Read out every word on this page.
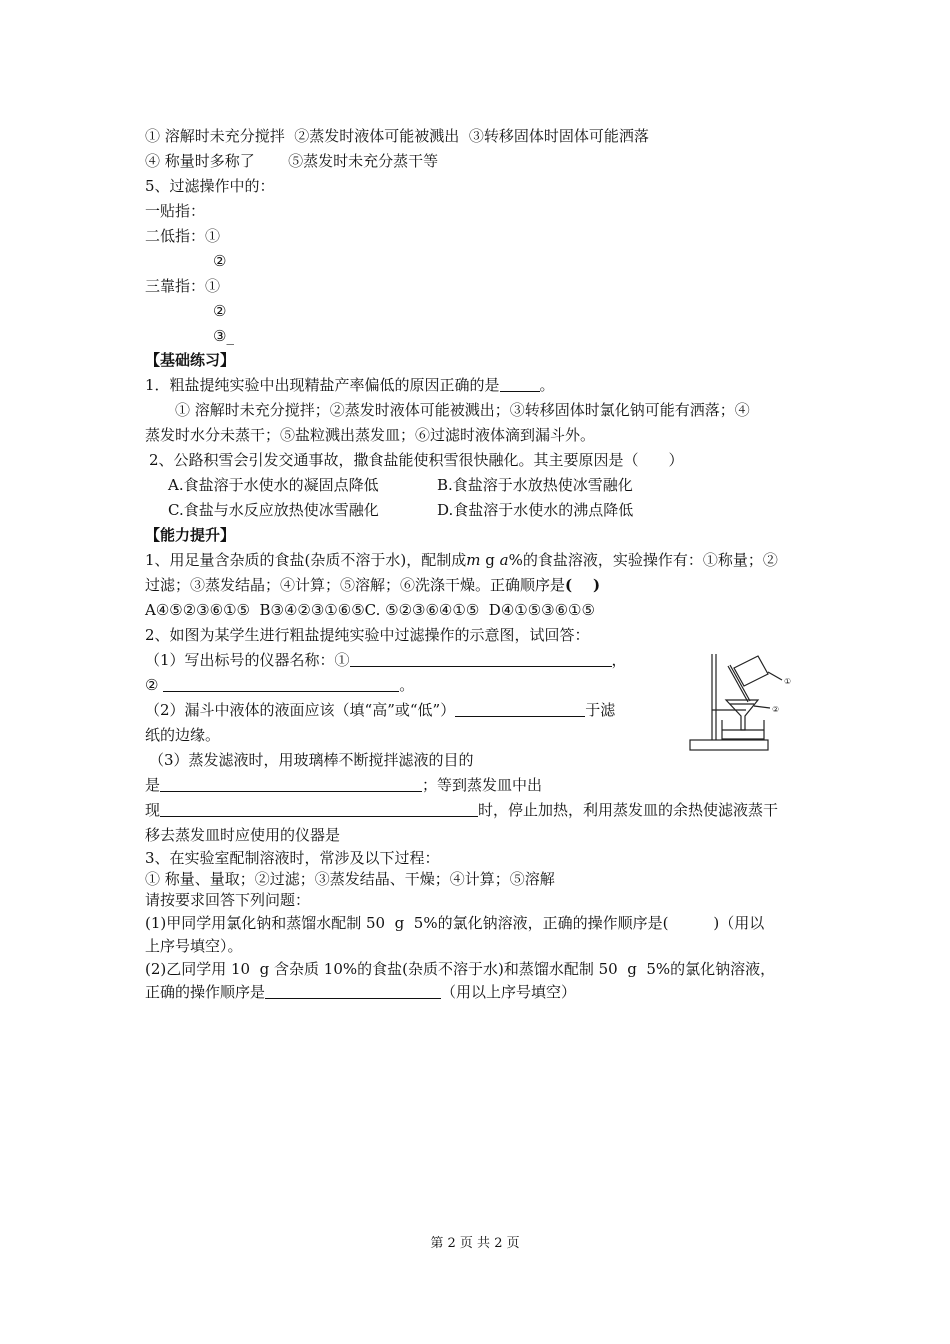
① 溶解时未充分搅拌  ②蒸发时液体可能被溅出  ③转移固体时固体可能洒落
④ 称量时多称了       ⑤蒸发时未充分蒸干等
5、过滤操作中的：
一贴指：
二低指：①
②
三靠指：①
②
③_
【基础练习】
1．粗盐提纯实验中出现精盐产率偏低的原因正确的是	。
① 溶解时未充分搅拌；②蒸发时液体可能被溅出；③转移固体时氯化钠可能有洒落；④
蒸发时水分未蒸干；⑤盐粒溅出蒸发皿；⑥过滤时液体滴到漏斗外。
2、公路积雪会引发交通事故，撒食盐能使积雪很快融化。其主要原因是（　　）
A.食盐溶于水使水的凝固点降低	B.食盐溶于水放热使冰雪融化
C.食盐与水反应放热使冰雪融化	D.食盐溶于水使水的沸点降低
【能力提升】
1、用足量含杂质的食盐(杂质不溶于水)，配制成m g a%的食盐溶液，实验操作有：①称量；②
过滤；③蒸发结晶；④计算；⑤溶解；⑥洗涤干燥。正确顺序是(    )
A④⑤②③⑥①⑤  B③④②③①⑥⑤C. ⑤②③⑥④①⑤  D④①⑤③⑥①⑤
2、如图为某学生进行粗盐提纯实验中过滤操作的示意图，试回答：
（1）写出标号的仪器名称：①	，
②	。
（2）漏斗中液体的液面应该（填“高”或“低”）	于滤
纸的边缘。
（3）蒸发滤液时，用玻璃棒不断搅拌滤液的目的
是	；等到蒸发皿中出
现	时，停止加热，利用蒸发皿的余热使滤液蒸干
移去蒸发皿时应使用的仪器是
3、在实验室配制溶液时，常涉及以下过程：
① 称量、量取；②过滤；③蒸发结晶、干燥；④计算；⑤溶解
请按要求回答下列问题：
(1)甲同学用氯化钠和蒸馏水配制 50  g  5%的氯化钠溶液，正确的操作顺序是(　　　)（用以
上序号填空）。
(2)乙同学用 10  g 含杂质 10%的食盐(杂质不溶于水)和蒸馏水配制 50  g  5%的氯化钠溶液，
正确的操作顺序是	（用以上序号填空）
①
②
第 2 页 共 2 页
